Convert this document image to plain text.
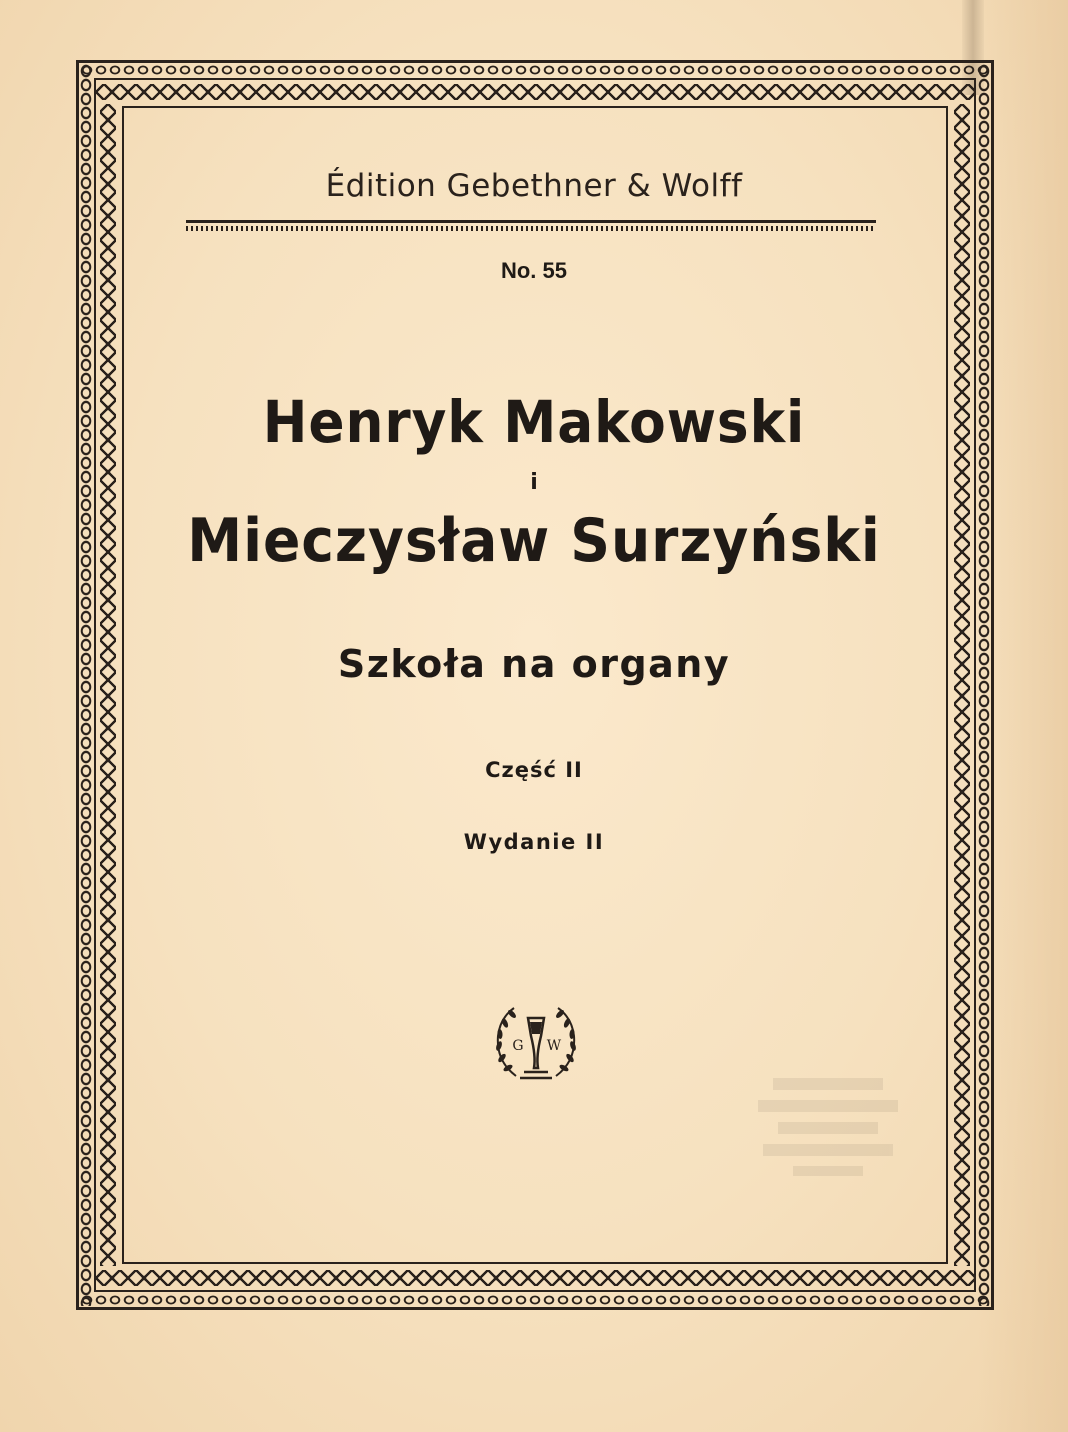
Édition Gebethner & Wolff
No. 55
Henryk Makowski
i
Mieczysław Surzyński
Szkoła na organy
Część II
Wydanie II
G W
